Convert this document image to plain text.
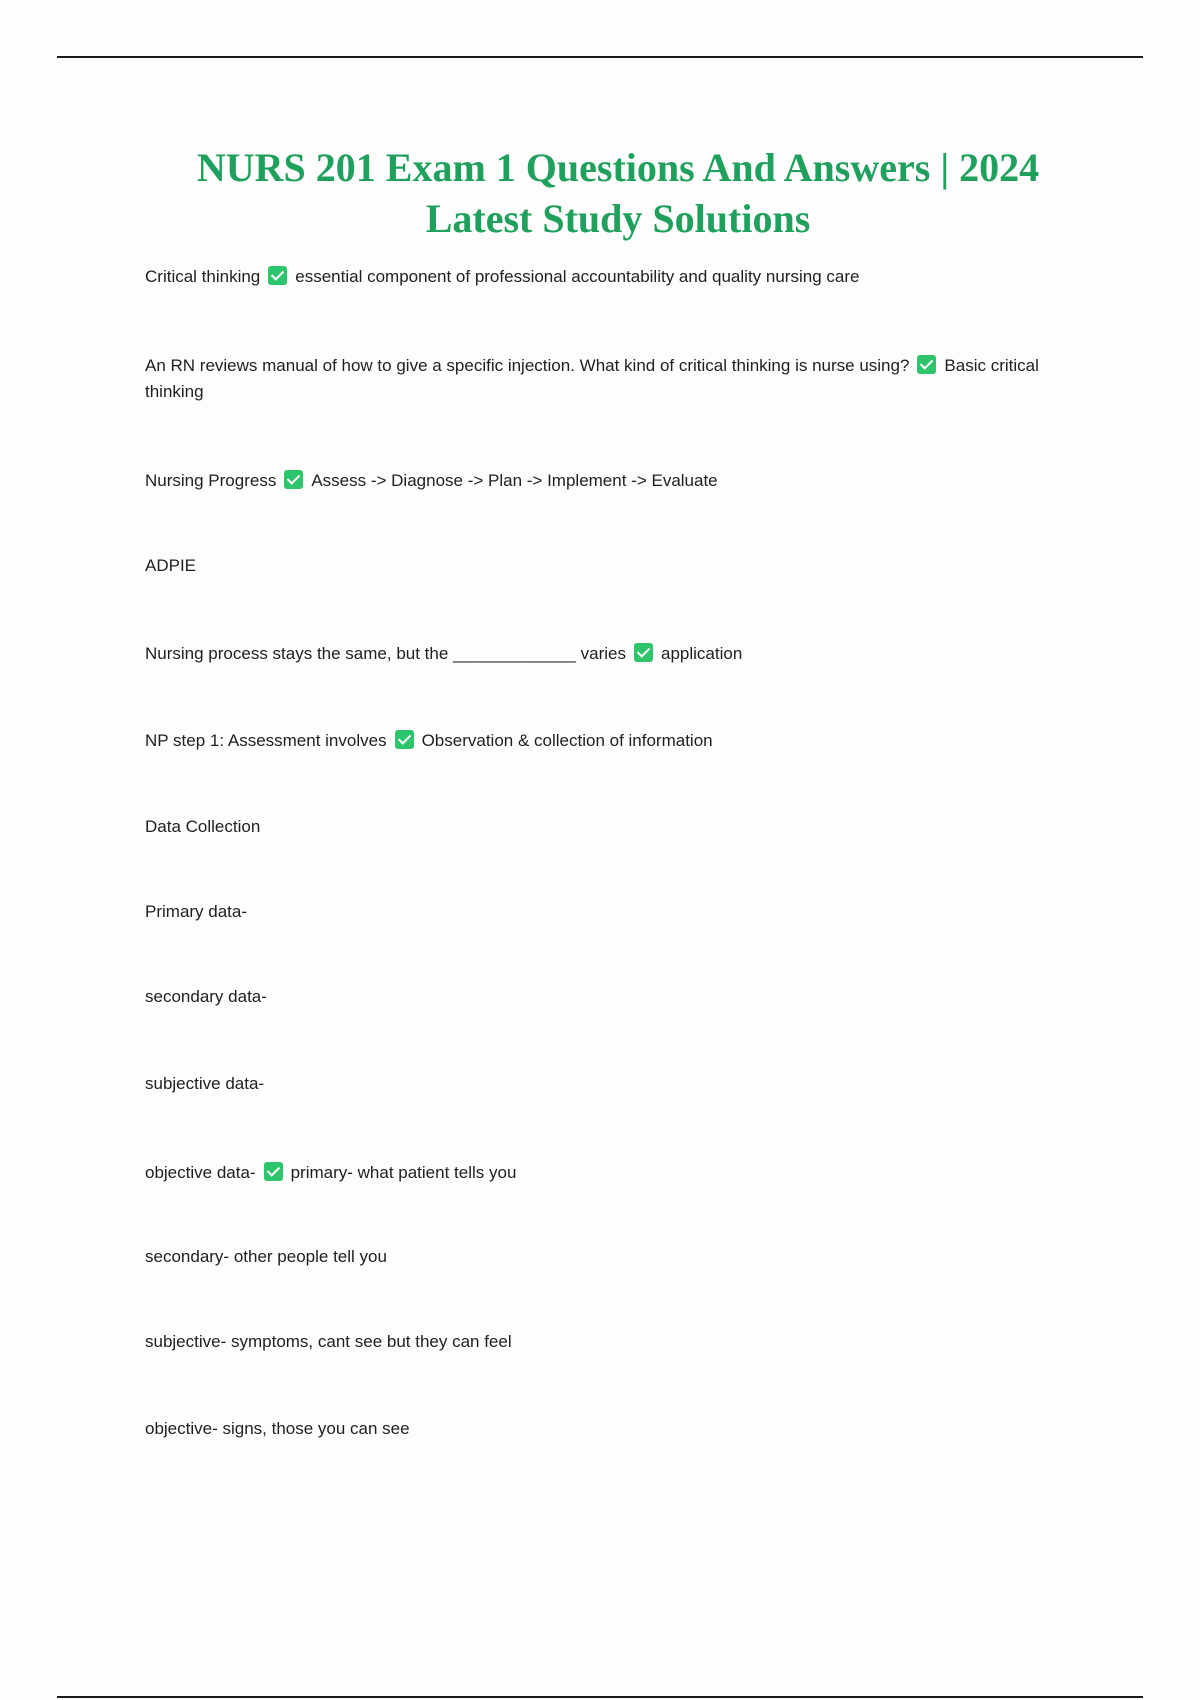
NURS 201 Exam 1 Questions And Answers | 2024
Latest Study Solutions
Critical thinking essential component of professional accountability and quality nursing care
An RN reviews manual of how to give a specific injection. What kind of critical thinking is nurse using? Basic critical thinking
Nursing Progress Assess -> Diagnose -> Plan -> Implement -> Evaluate
ADPIE
Nursing process stays the same, but the _____________ varies application
NP step 1: Assessment involves Observation & collection of information
Data Collection
Primary data-
secondary data-
subjective data-
objective data- primary- what patient tells you
secondary- other people tell you
subjective- symptoms, cant see but they can feel
objective- signs, those you can see
